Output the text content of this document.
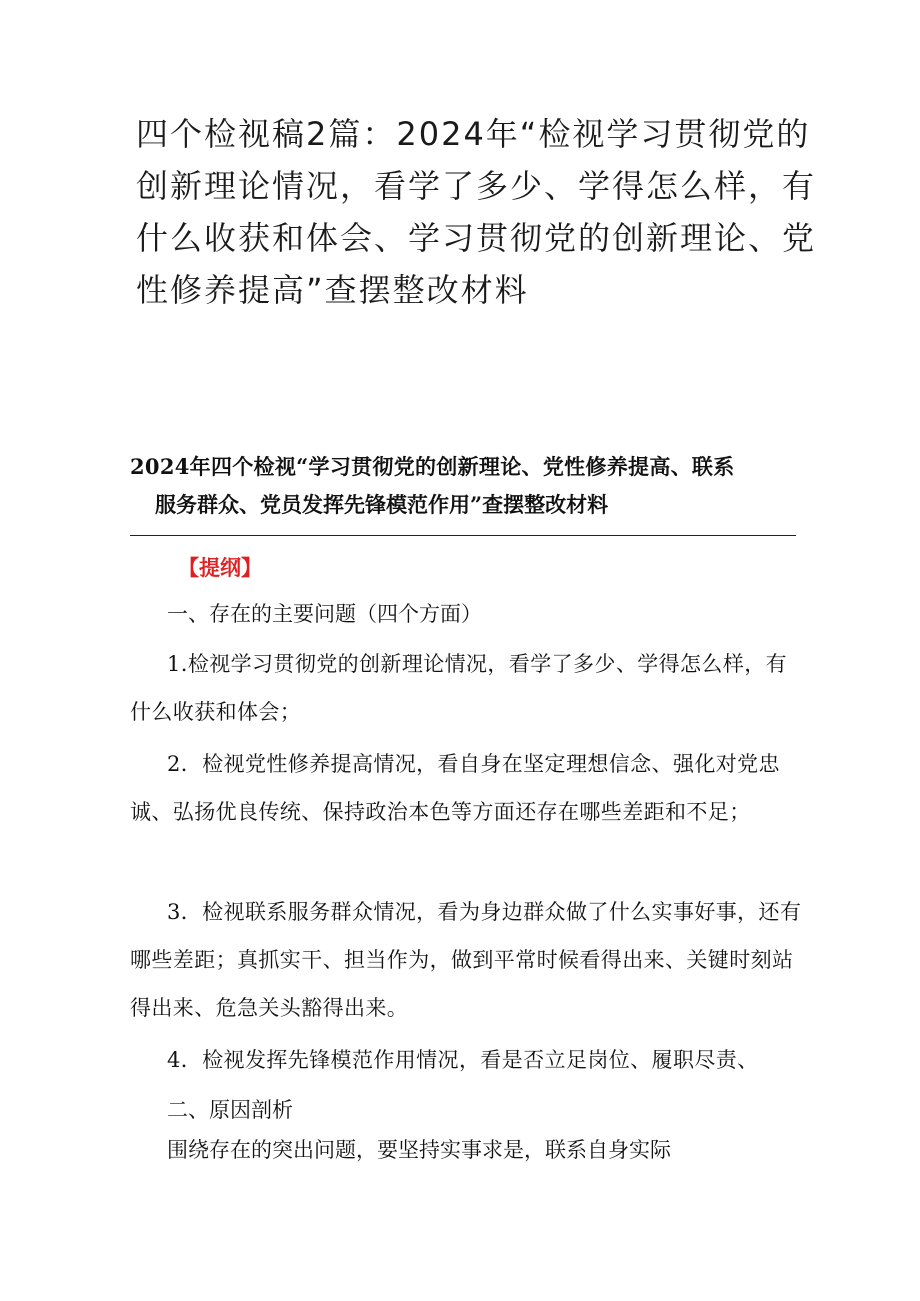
四个检视稿2篇：2024年“检视学习贯彻党的创新理论情况，看学了多少、学得怎么样，有什么收获和体会、学习贯彻党的创新理论、党性修养提高”查摆整改材料
2024年四个检视“学习贯彻党的创新理论、党性修养提高、联系
服务群众、党员发挥先锋模范作用”查摆整改材料

【提纲】

一、存在的主要问题（四个方面）

1.检视学习贯彻党的创新理论情况，看学了多少、学得怎么样，有什么收获和体会；

2．检视党性修养提高情况，看自身在坚定理想信念、强化对党忠诚、弘扬优良传统、保持政治本色等方面还存在哪些差距和不足；

3．检视联系服务群众情况，看为身边群众做了什么实事好事，还有哪些差距；真抓实干、担当作为，做到平常时候看得出来、关键时刻站得出来、危急关头豁得出来。

4．检视发挥先锋模范作用情况，看是否立足岗位、履职尽责、

二、原因剖析

围绕存在的突出问题，要坚持实事求是，联系自身实际
